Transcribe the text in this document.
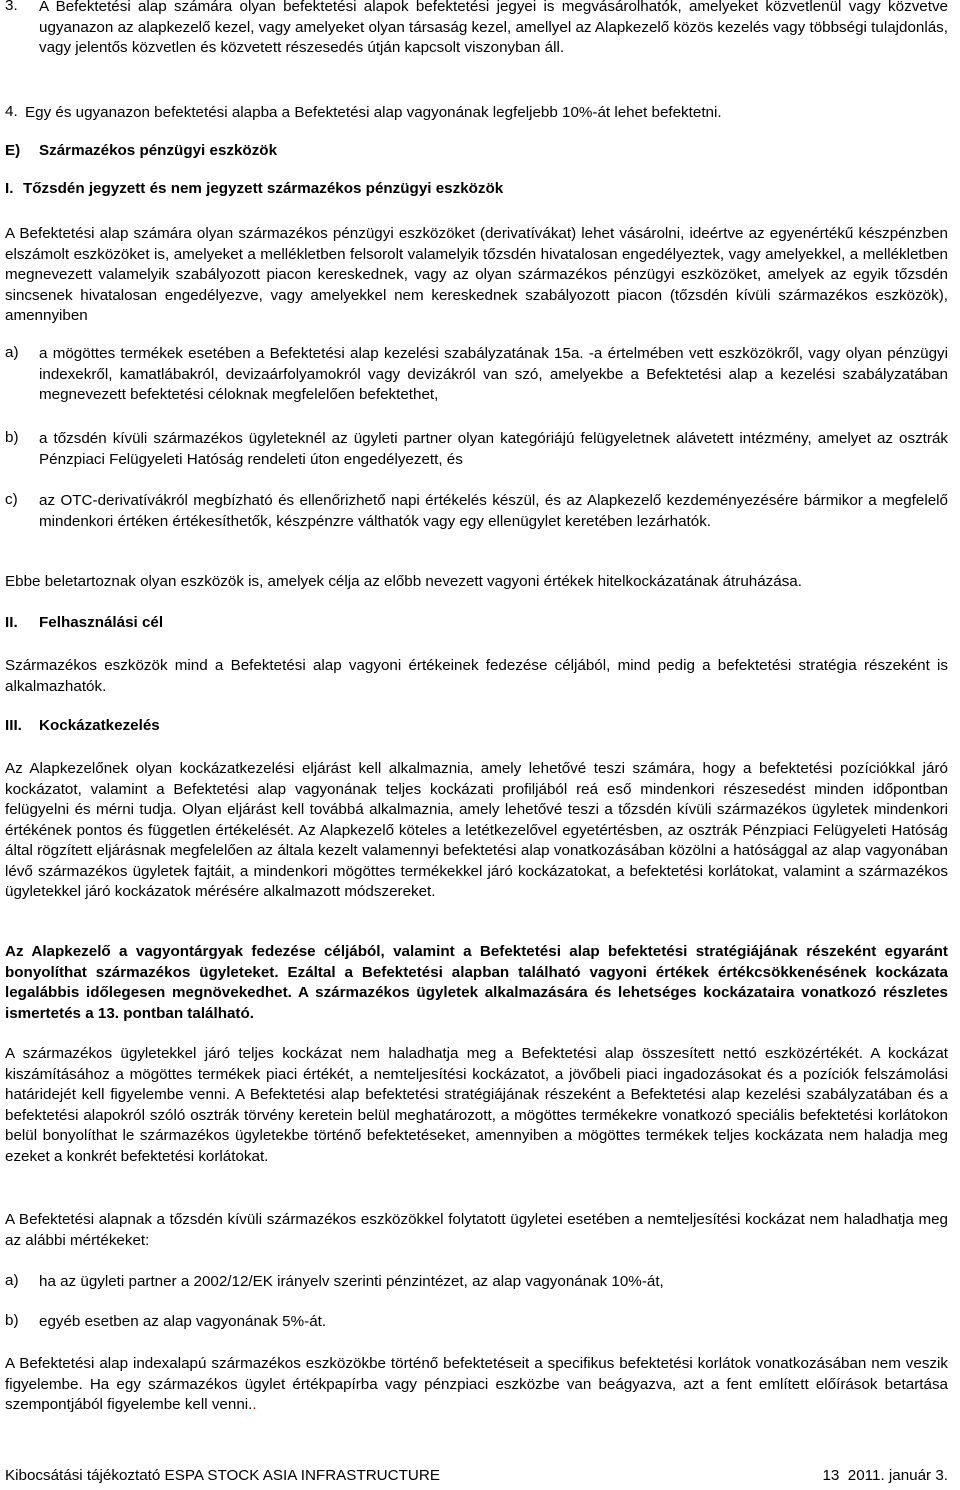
3. A Befektetési alap számára olyan befektetési alapok befektetési jegyei is megvásárolhatók, amelyeket közvetlenül vagy közvetve ugyanazon az alapkezelő kezel, vagy amelyeket olyan társaság kezel, amellyel az Alapkezelő közös kezelés vagy többségi tulajdonlás, vagy jelentős közvetlen és közvetett részesedés útján kapcsolt viszonyban áll.

4. Egy és ugyanazon befektetési alapba a Befektetési alap vagyonának legfeljebb 10%-át lehet befektetni.

E) Származékos pénzügyi eszközök
I. Tőzsdén jegyzett és nem jegyzett származékos pénzügyi eszközök

A Befektetési alap számára olyan származékos pénzügyi eszközöket (derivatívákat) lehet vásárolni, ideértve az egyenértékű készpénzben elszámolt eszközöket is, amelyeket a mellékletben felsorolt valamelyik tőzsdén hivatalosan engedélyeztek, vagy amelyekkel, a mellékletben megnevezett valamelyik szabályozott piacon kereskednek, vagy az olyan származékos pénzügyi eszközöket, amelyek az egyik tőzsdén sincsenek hivatalosan engedélyezve, vagy amelyekkel nem kereskednek szabályozott piacon (tőzsdén kívüli származékos eszközök), amennyiben

a) a mögöttes termékek esetében a Befektetési alap kezelési szabályzatának 15a. -a értelmében vett eszközökről, vagy olyan pénzügyi indexekről, kamatlábakról, devizaárfolyamokról vagy devizákról van szó, amelyekbe a Befektetési alap a kezelési szabályzatában megnevezett befektetési céloknak megfelelően befektethet,

b) a tőzsdén kívüli származékos ügyleteknél az ügyleti partner olyan kategóriájú felügyeletnek alávetett intézmény, amelyet az osztrák Pénzpiaci Felügyeleti Hatóság rendeleti úton engedélyezett, és

c) az OTC-derivatívákról megbízható és ellenőrizhető napi értékelés készül, és az Alapkezelő kezdeményezésére bármikor a megfelelő mindenkori értéken értékesíthetők, készpénzre válthatók vagy egy ellenügylet keretében lezárhatók.

Ebbe beletartoznak olyan eszközök is, amelyek célja az előbb nevezett vagyoni értékek hitelkockázatának átruházása.

II. Felhasználási cél

Származékos eszközök mind a Befektetési alap vagyoni értékeinek fedezése céljából, mind pedig a befektetési stratégia részeként is alkalmazhatók.

III. Kockázatkezelés

Az Alapkezelőnek olyan kockázatkezelési eljárást kell alkalmaznia, amely lehetővé teszi számára, hogy a befektetési pozíciókkal járó kockázatot, valamint a Befektetési alap vagyonának teljes kockázati profiljából reá eső mindenkori részesedést minden időpontban felügyelni és mérni tudja. Olyan eljárást kell továbbá alkalmaznia, amely lehetővé teszi a tőzsdén kívüli származékos ügyletek mindenkori értékének pontos és független értékelését. Az Alapkezelő köteles a letétkezelővel egyetértésben, az osztrák Pénzpiaci Felügyeleti Hatóság által rögzített eljárásnak megfelelően az általa kezelt valamennyi befektetési alap vonatkozásában közölni a hatósággal az alap vagyonában lévő származékos ügyletek fajtáit, a mindenkori mögöttes termékekkel járó kockázatokat, a befektetési korlátokat, valamint a származékos ügyletekkel járó kockázatok mérésére alkalmazott módszereket.

Az Alapkezelő a vagyontárgyak fedezése céljából, valamint a Befektetési alap befektetési stratégiájának részeként egyaránt bonyolíthat származékos ügyleteket. Ezáltal a Befektetési alapban található vagyoni értékek értékcsökkenésének kockázata legalábbis időlegesen megnövekedhet. A származékos ügyletek alkalmazására és lehetséges kockázataira vonatkozó részletes ismertetés a 13. pontban található.

A származékos ügyletekkel járó teljes kockázat nem haladhatja meg a Befektetési alap összesített nettó eszközértékét. A kockázat kiszámításához a mögöttes termékek piaci értékét, a nemteljesítési kockázatot, a jövőbeli piaci ingadozásokat és a pozíciók felszámolási határidejét kell figyelembe venni. A Befektetési alap befektetési stratégiájának részeként a Befektetési alap kezelési szabályzatában és a befektetési alapokról szóló osztrák törvény keretein belül meghatározott, a mögöttes termékekre vonatkozó speciális befektetési korlátokon belül bonyolíthat le származékos ügyletekbe történő befektetéseket, amennyiben a mögöttes termékek teljes kockázata nem haladja meg ezeket a konkrét befektetési korlátokat.

A Befektetési alapnak a tőzsdén kívüli származékos eszközökkel folytatott ügyletei esetében a nemteljesítési kockázat nem haladhatja meg az alábbi mértékeket:

a) ha az ügyleti partner a 2002/12/EK irányelv szerinti pénzintézet, az alap vagyonának 10%-át,

b) egyéb esetben az alap vagyonának 5%-át.

A Befektetési alap indexalapú származékos eszközökbe történő befektetéseit a specifikus befektetési korlátok vonatkozásában nem veszik figyelembe. Ha egy származékos ügylet értékpapírba vagy pénzpiaci eszközbe van beágyazva, azt a fent említett előírások betartása szempontjából figyelembe kell venni..

Kibocsátási tájékoztató ESPA STOCK ASIA INFRASTRUCTURE	13  2011. január 3.
